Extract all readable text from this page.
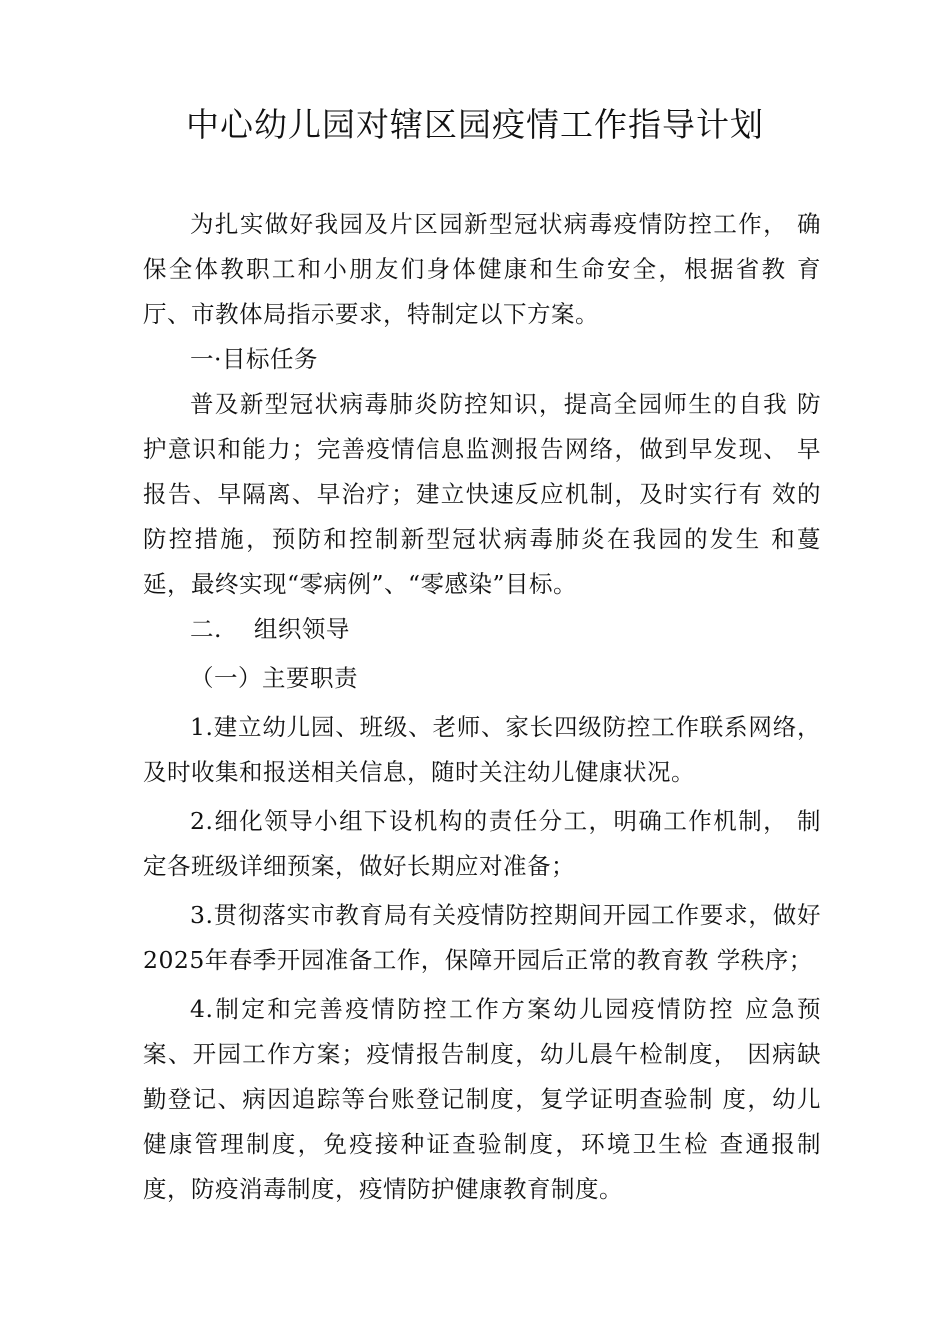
中心幼儿园对辖区园疫情工作指导计划

为扎实做好我园及片区园新型冠状病毒疫情防控工作， 确保全体教职工和小朋友们身体健康和生命安全，根据省教 育厅、市教体局指示要求，特制定以下方案。

一·目标任务

普及新型冠状病毒肺炎防控知识，提高全园师生的自我 防护意识和能力；完善疫情信息监测报告网络，做到早发现、 早报告、早隔离、早治疗；建立快速反应机制，及时实行有 效的防控措施，预防和控制新型冠状病毒肺炎在我园的发生 和蔓延，最终实现“零病例”、“零感染”目标。

二.    组织领导

（一）主要职责

1.建立幼儿园、班级、老师、家长四级防控工作联系网络，及时收集和报送相关信息，随时关注幼儿健康状况。

2.细化领导小组下设机构的责任分工，明确工作机制， 制定各班级详细预案，做好长期应对准备；

3.贯彻落实市教育局有关疫情防控期间开园工作要求，做好2025年春季开园准备工作，保障开园后正常的教育教 学秩序；

4.制定和完善疫情防控工作方案幼儿园疫情防控 应急预案、开园工作方案；疫情报告制度，幼儿晨午检制度， 因病缺勤登记、病因追踪等台账登记制度，复学证明查验制 度，幼儿健康管理制度，免疫接种证查验制度，环境卫生检 查通报制度，防疫消毒制度，疫情防护健康教育制度。
